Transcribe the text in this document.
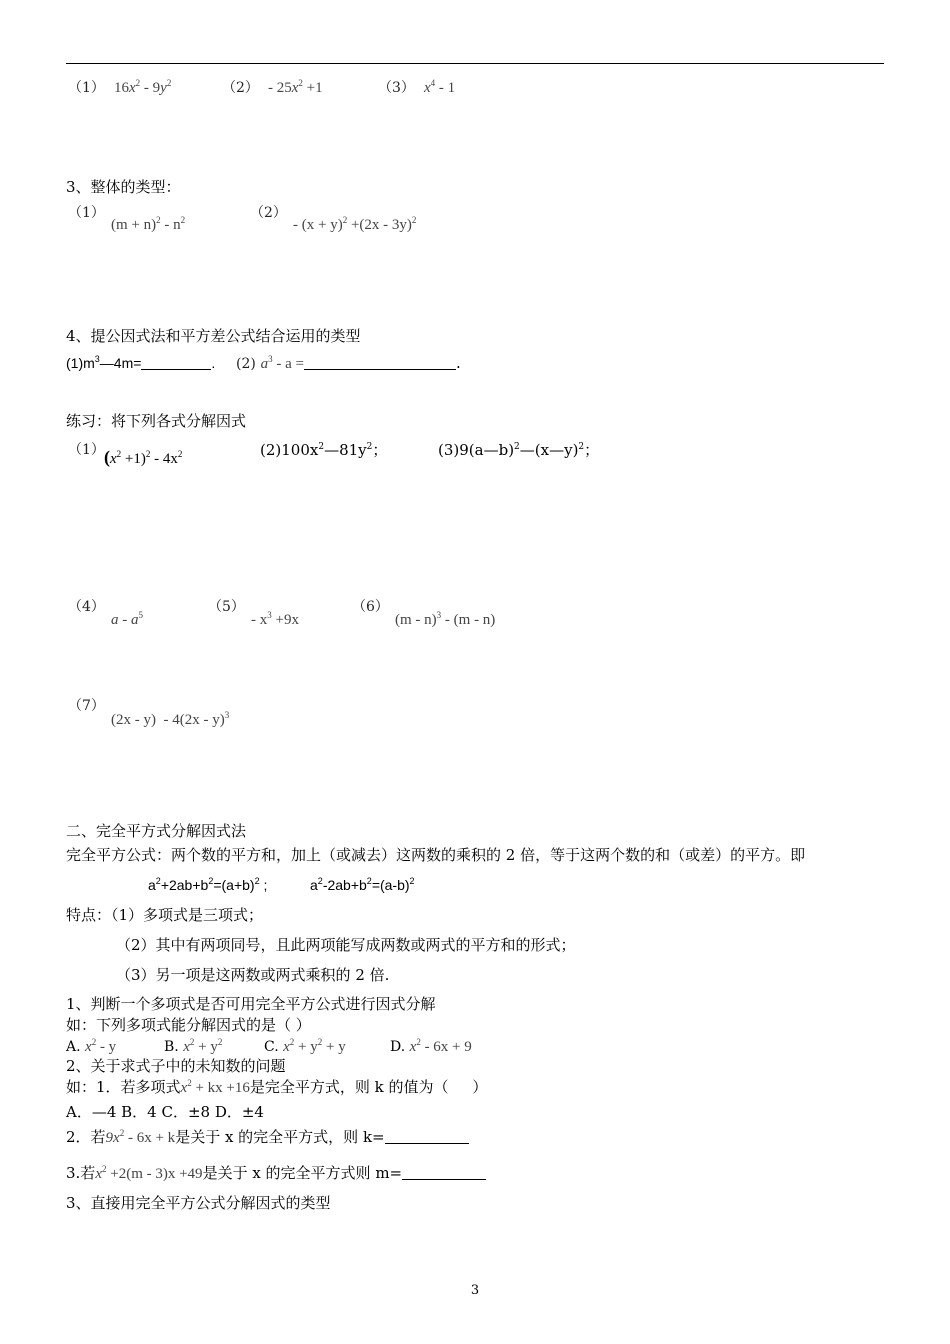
（1） $16x^2 - 9y^2$	$(2) - 25x^2 +1$	（3） $x^4 - 1$
3、整体的类型：
（1）
$(m + n)^2 - n^2$	（2）
- $(x + y)^2 +(2x - 3y)^2$
4、提公因式法和平方差公式结合运用的类型
$(1)m^3—4m=$	. (2) $a^3$ - a =	.
练习：将下列各式分解因式
（1） $(x^2 +1)^2 - 4x^2$	$(2)100x^2—81y^2$；	(3)9(a—b)$^2$—(x—y)$^2$；
（4）
a - $a^5$	（5）
- $x^3 +9x$
（6）
(m - n)$^3$ - (m - n)
（7）
(2x - y)  - 4(2x - y)$^3$
二、完全平方式分解因式法
完全平方公式：两个数的平方和，加上（或减去）这两数的乘积的 2 倍，等于这两个数的和（或差）的平方。即
$a^2+2ab+b^2=(a+b)^2$ ;	$a^2-2ab+b^2=(a-b)^2$
特点：（1）多项式是三项式；
（2）其中有两项同号，且此两项能写成两数或两式的平方和的形式；
（3）另一项是这两数或两式乘积的 2 倍.
1、判断一个多项式是否可用完全平方公式进行因式分解
如：下列多项式能分解因式的是（ ）
A. $x^2$ - y	B. $x^2 + y^2$	C. $x^2 + y^2 + y$	D. $x^2 - 6x + 9$
2、关于求式子中的未知数的问题
如：1．若多项式$x^2$ + kx +16是完全平方式，则 k 的值为（     ）
A．—4 B．4 C．±8 D．±4
2．若$9x^2 - 6x + k$是关于 x 的完全平方式，则 k=
3.若$x^2 +2(m - 3)x +49$是关于 x 的完全平方式则 m=
3、直接用完全平方公式分解因式的类型
3
